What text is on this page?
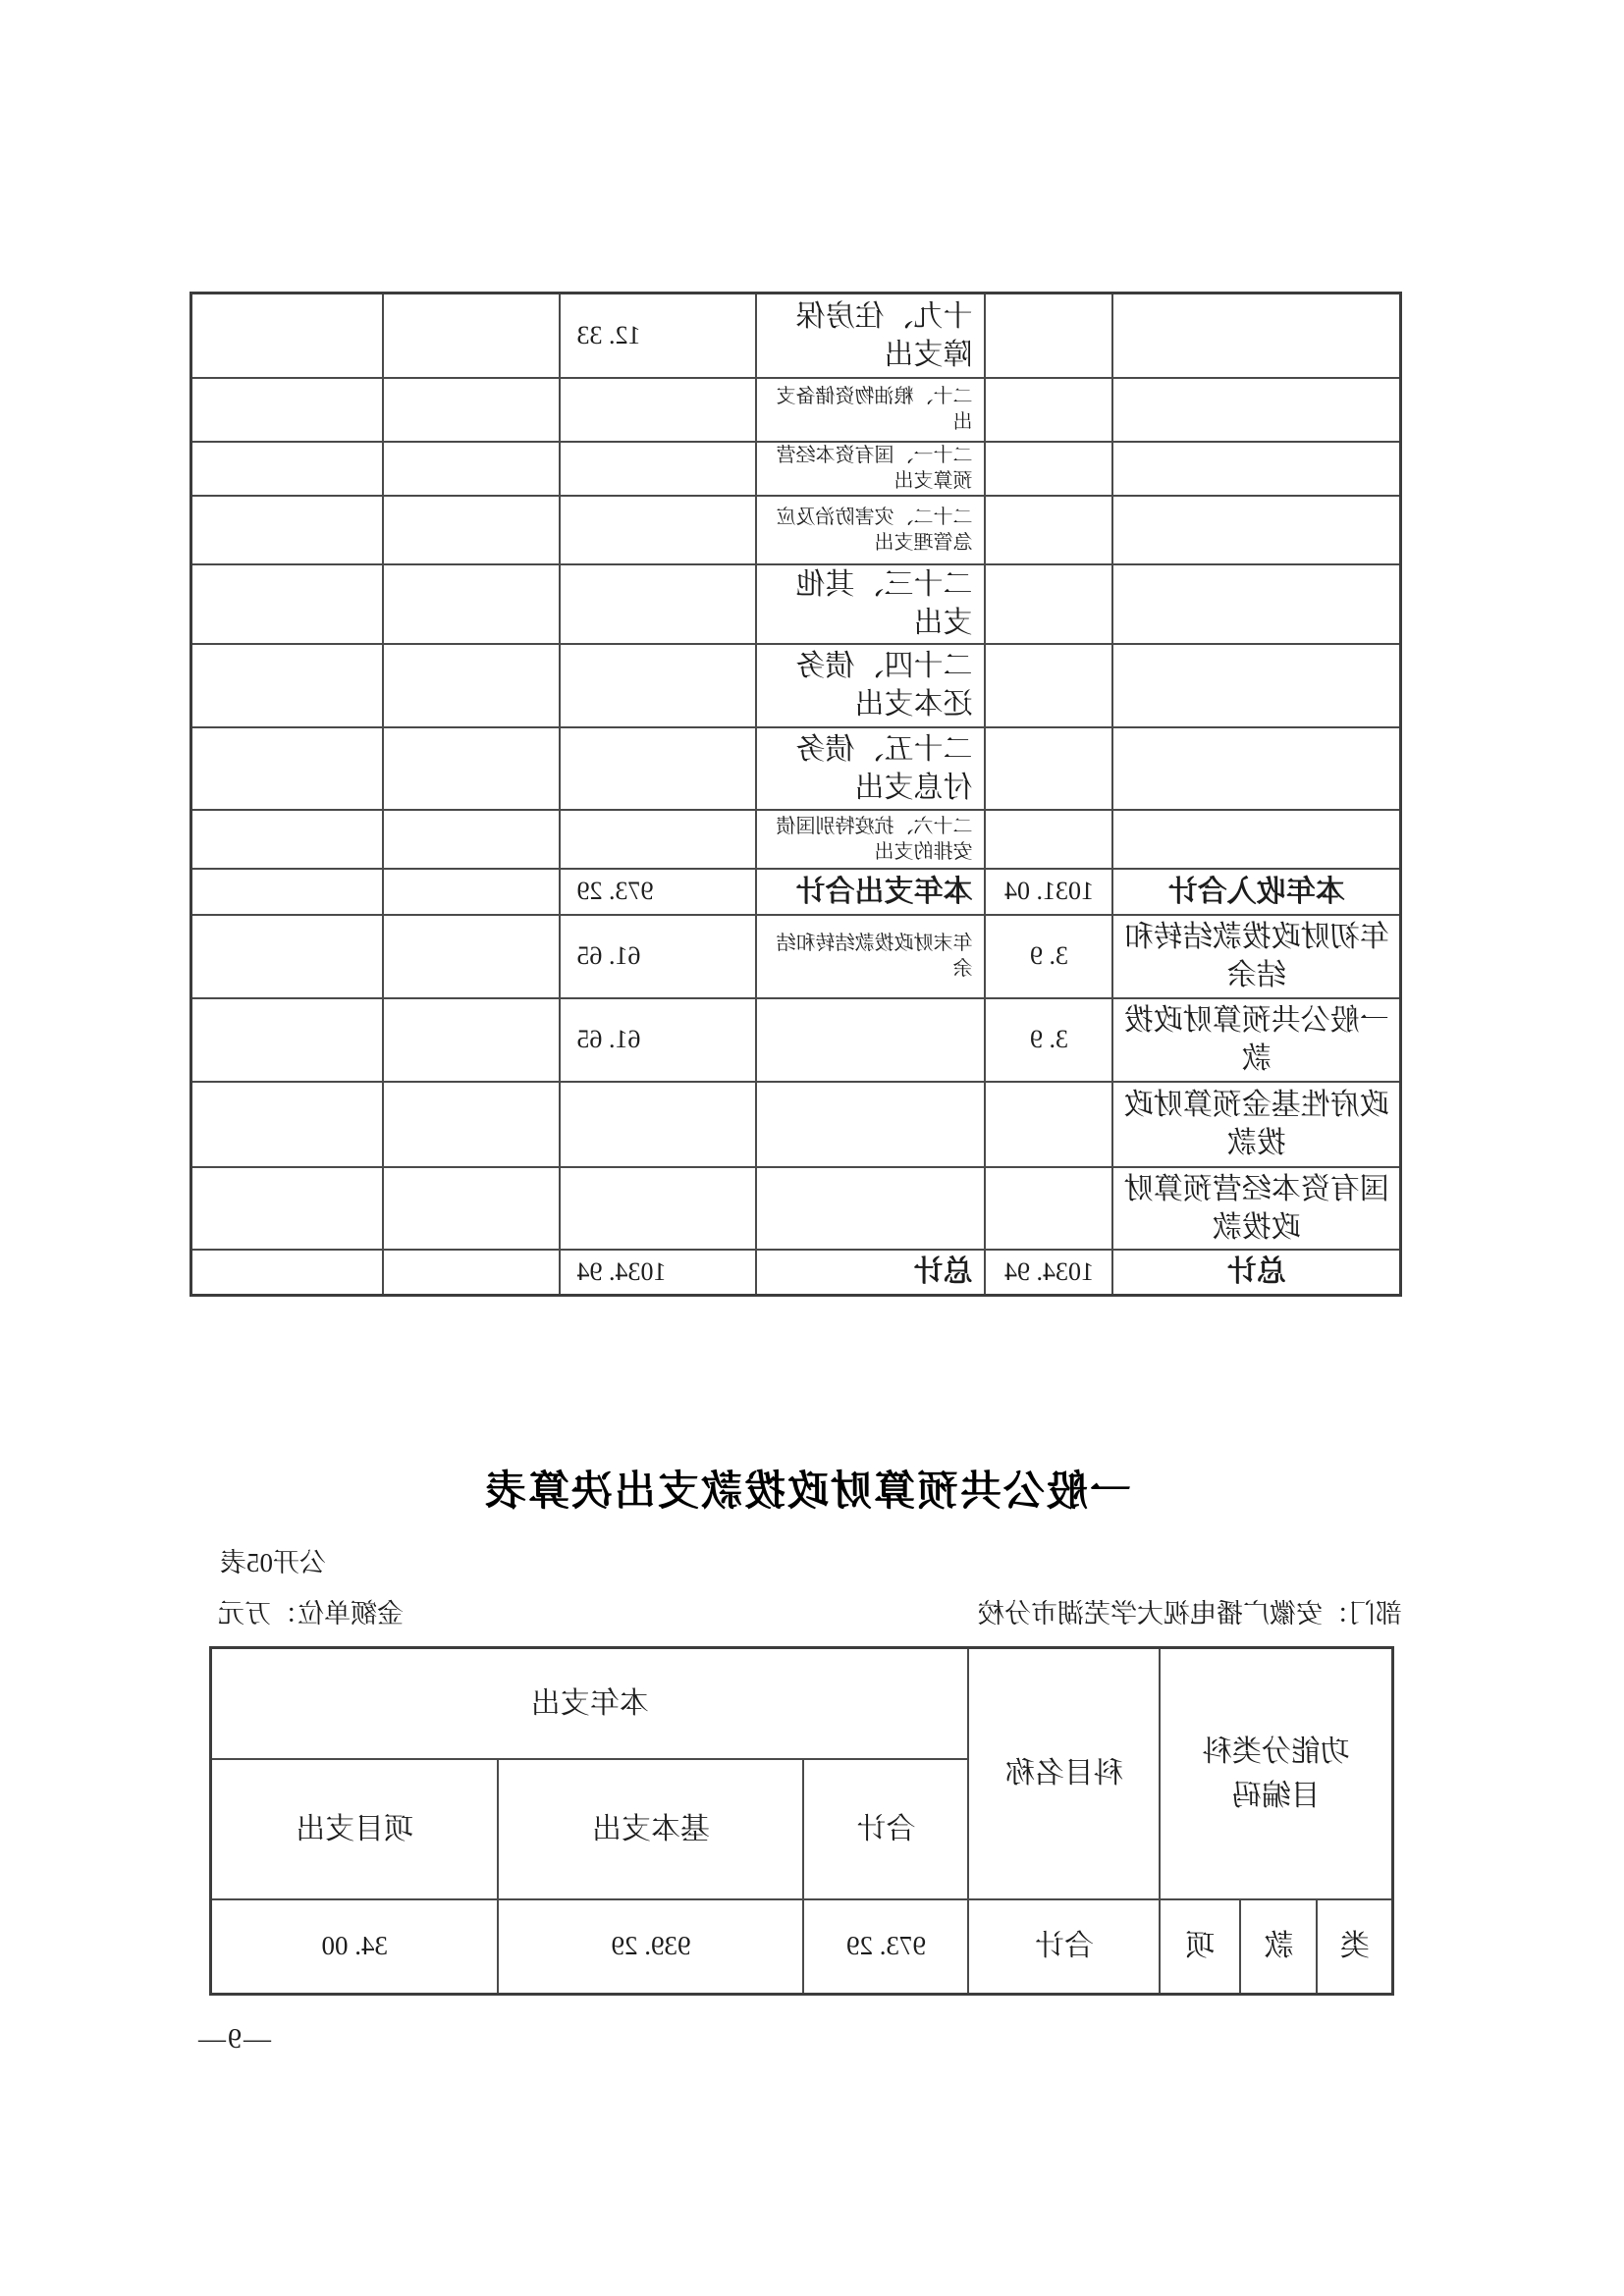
		十九、住房保障支出	12. 33		
		二十、粮油物资储备支出			
		二十一、国有资本经营预算支出			
		二十二、灾害防治及应急管理支出			
		二十三、其他支出			
		二十四、债务还本支出			
		二十五、债务付息支出			
		二十六、抗疫特别国债安排的支出			
本年收入合计	1031. 04	本年支出合计	973. 29		
年初财政拨款结转和结余	3. 9	年末财政拨款结转和结余	61. 65		
一般公共预算财政拨款	3. 9		61. 65		
政府性基金预算财政拨款					
国有资本经营预算财政拨款					
总计	1034. 94	总计	1034. 94		
一般公共预算财政拨款支出决算表
公开05表
部门：安徽广播电视大学芜湖市分校
金额单位：万元
功能分类科目编码			科目名称	本年支出		
				合计	基本支出	项目支出
类	款	项	合计	973. 29	939. 29	34. 00
—9—
